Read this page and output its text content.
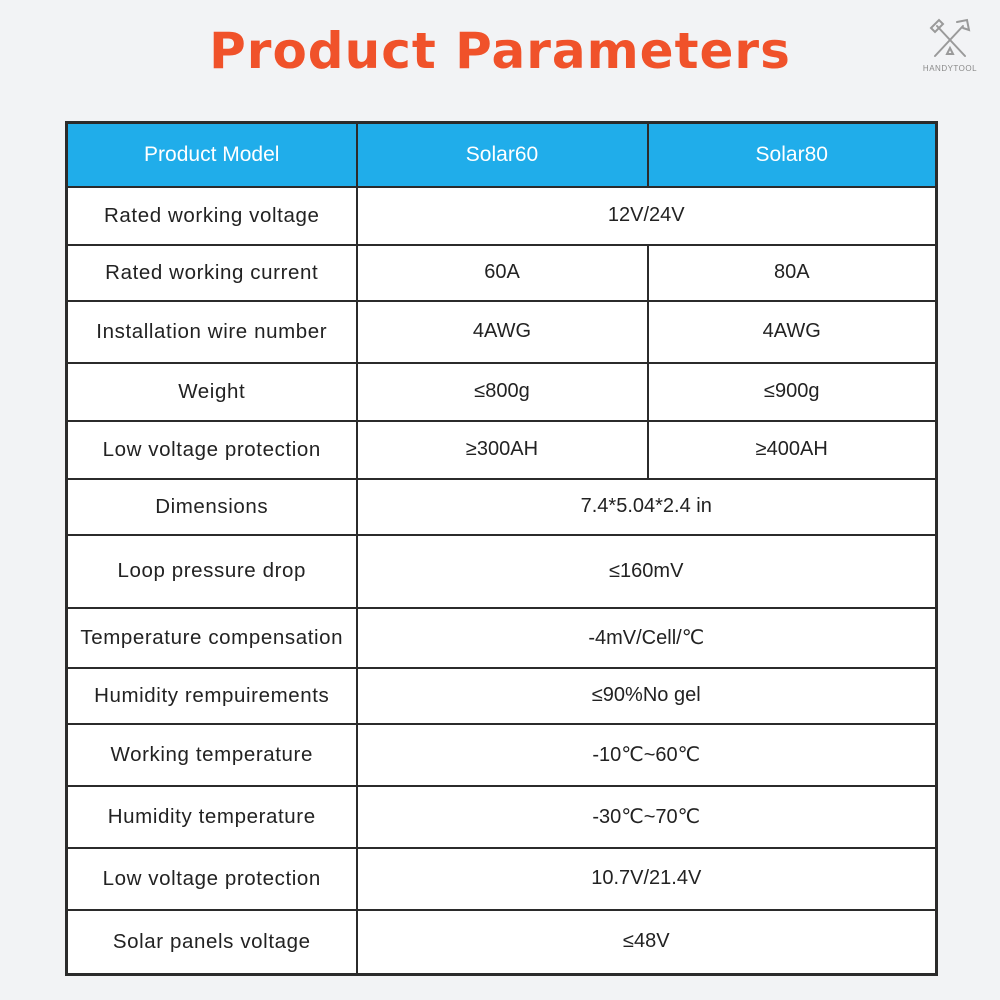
Product Parameters	HANDYTOOL
Product Model	Solar60	Solar80
Rated working voltage	12V/24V	
Rated working current	60A	80A
Installation wire number	4AWG	4AWG
Weight	≤800g	≤900g
Low voltage protection	≥300AH	≥400AH
Dimensions	7.4*5.04*2.4 in	
Loop pressure drop	≤160mV	
Temperature compensation	-4mV/Cell/℃	
Humidity rempuirements	≤90%No gel	
Working temperature	-10℃~60℃	
Humidity temperature	-30℃~70℃	
Low voltage protection	10.7V/21.4V	
Solar panels voltage	≤48V	
